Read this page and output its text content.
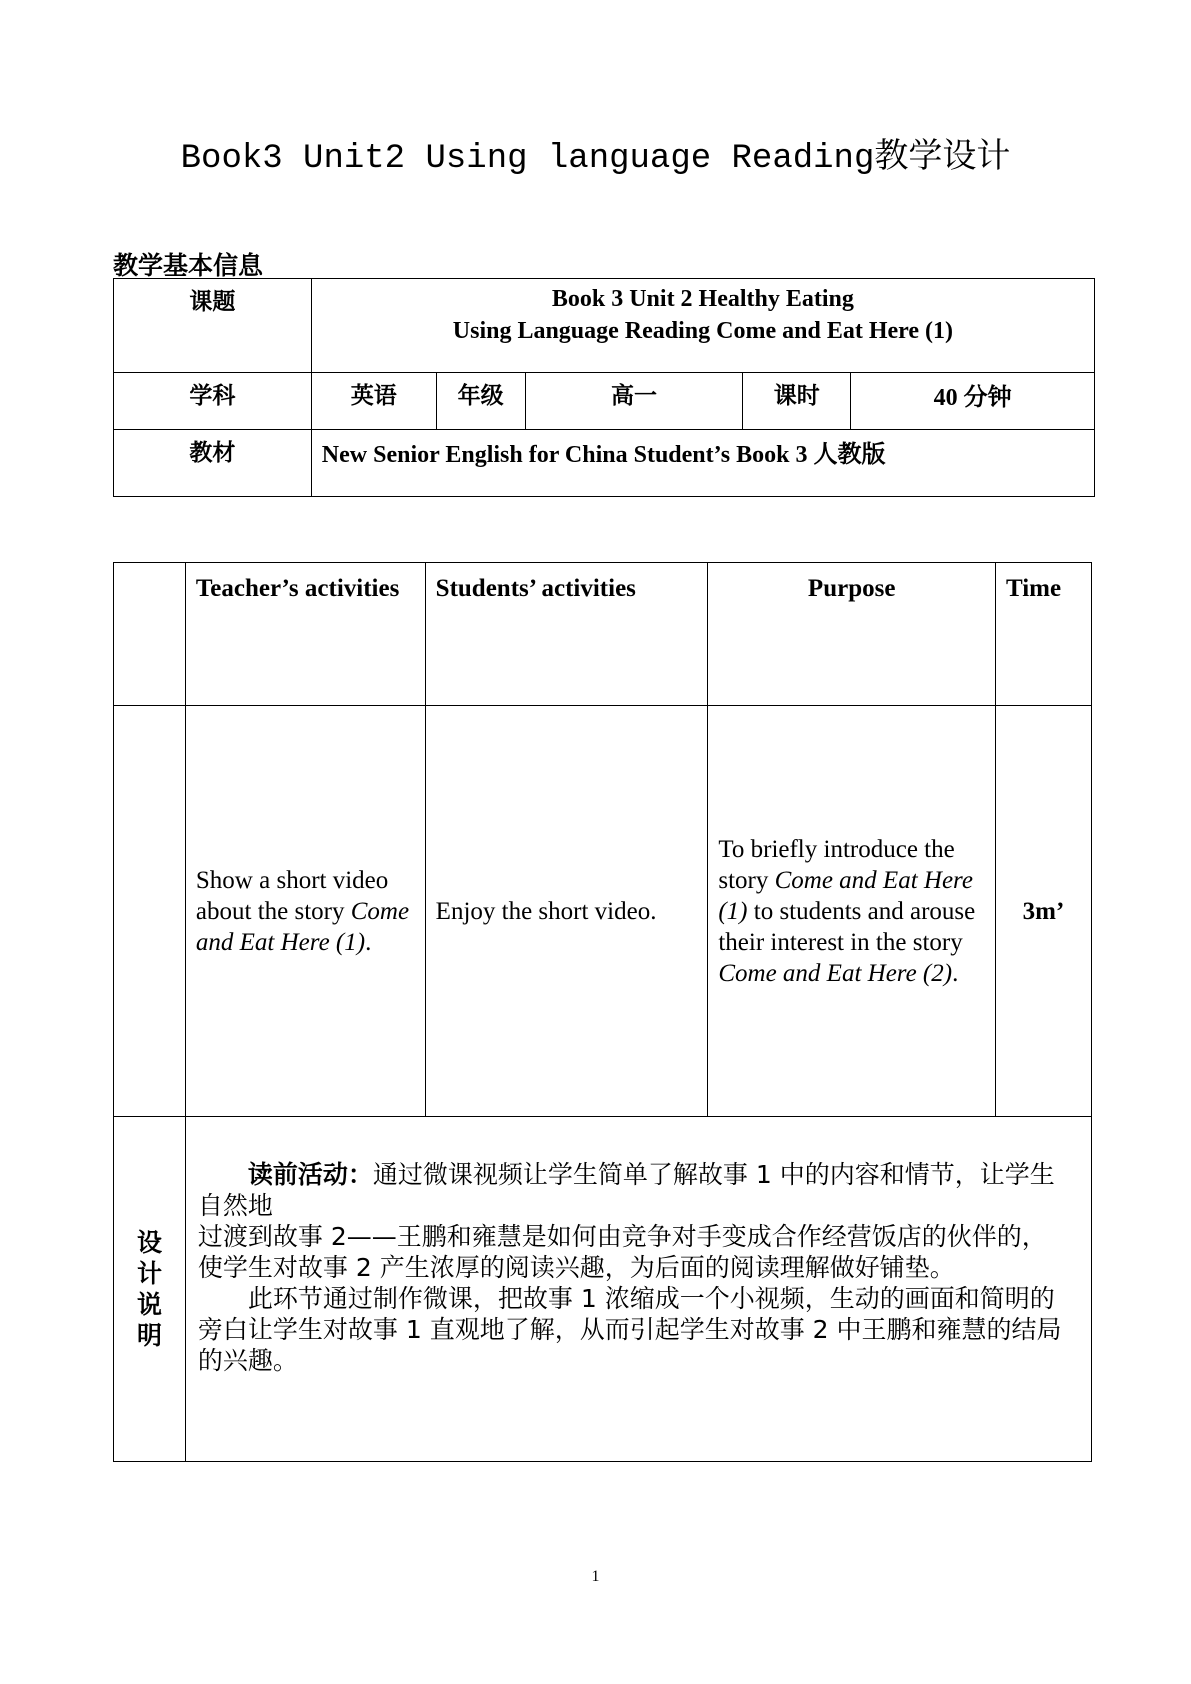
Book3 Unit2 Using language Reading教学设计
教学基本信息
课题	Book 3 Unit 2 Healthy Eating
Using Language Reading Come and Eat Here (1)				

学科	英语	年级	高一	课时	40 分钟
教材	New Senior English for China Student’s Book 3 人教版				
	Teacher’s activities	Students’ activities	Purpose	Time
	Show a short video about the story Come and Eat Here (1).	Enjoy the short video.	To briefly introduce the story Come and Eat Here (1) to students and arouse their interest in the story Come and Eat Here (2).	3m’

设计说明	读前活动：通过微课视频让学生简单了解故事 1 中的内容和情节，让学生自然地

过渡到故事 2——王鹏和雍慧是如何由竞争对手变成合作经营饭店的伙伴的，使学生对故事 2 产生浓厚的阅读兴趣，为后面的阅读理解做好铺垫。

此环节通过制作微课，把故事 1 浓缩成一个小视频，生动的画面和简明的旁白让学生对故事 1 直观地了解，从而引起学生对故事 2 中王鹏和雍慧的结局的兴趣。			

1
